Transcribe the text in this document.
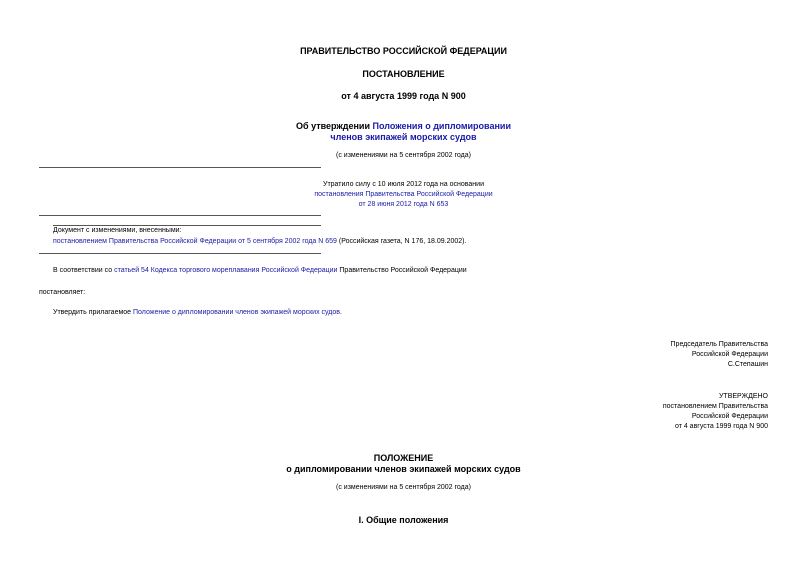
ПРАВИТЕЛЬСТВО РОССИЙСКОЙ ФЕДЕРАЦИИ
ПОСТАНОВЛЕНИЕ
от 4 августа 1999 года N 900
Об утверждении Положения о дипломировании
членов экипажей морских судов
(с изменениями на 5 сентября 2002 года)
Утратило силу с 10 июля 2012 года на основании
постановления Правительства Российской Федерации
от 28 июня 2012 года N 653
Документ с изменениями, внесенными:
постановлением Правительства Российской Федерации от 5 сентября 2002 года N 659 (Российская газета, N 176, 18.09.2002).
В соответствии со статьей 54 Кодекса торгового мореплавания Российской Федерации Правительство Российской Федерации
постановляет:
Утвердить прилагаемое Положение о дипломировании членов экипажей морских судов.
Председатель Правительства
Российской Федерации
С.Степашин
УТВЕРЖДЕНО
постановлением Правительства
Российской Федерации
от 4 августа 1999 года N 900
ПОЛОЖЕНИЕ
о дипломировании членов экипажей морских судов
(с изменениями на 5 сентября 2002 года)
I. Общие положения
